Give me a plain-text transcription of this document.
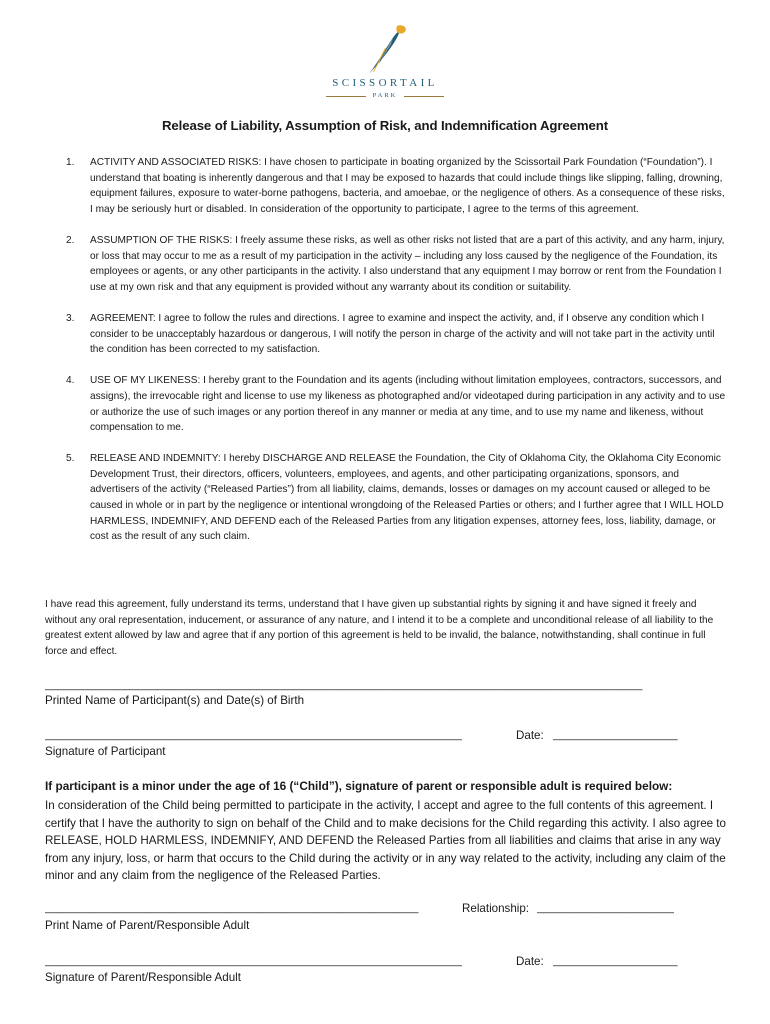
SCISSORTAIL
PARK
Release of Liability, Assumption of Risk, and Indemnification Agreement
1. ACTIVITY AND ASSOCIATED RISKS: I have chosen to participate in boating organized by the Scissortail Park Foundation (“Foundation”). I understand that boating is inherently dangerous and that I may be exposed to hazards that could include things like slipping, falling, drowning, equipment failures, exposure to water-borne pathogens, bacteria, and amoebae, or the negligence of others. As a consequence of these risks, I may be seriously hurt or disabled. In consideration of the opportunity to participate, I agree to the terms of this agreement.
2. ASSUMPTION OF THE RISKS: I freely assume these risks, as well as other risks not listed that are a part of this activity, and any harm, injury, or loss that may occur to me as a result of my participation in the activity – including any loss caused by the negligence of the Foundation, its employees or agents, or any other participants in the activity. I also understand that any equipment I may borrow or rent from the Foundation I use at my own risk and that any equipment is provided without any warranty about its condition or suitability.
3. AGREEMENT: I agree to follow the rules and directions. I agree to examine and inspect the activity, and, if I observe any condition which I consider to be unacceptably hazardous or dangerous, I will notify the person in charge of the activity and will not take part in the activity until the condition has been corrected to my satisfaction.
4. USE OF MY LIKENESS: I hereby grant to the Foundation and its agents (including without limitation employees, contractors, successors, and assigns), the irrevocable right and license to use my likeness as photographed and/or videotaped during participation in any activity and to use or authorize the use of such images or any portion thereof in any manner or media at any time, and to use my name and likeness, without compensation to me.
5. RELEASE AND INDEMNITY: I hereby DISCHARGE AND RELEASE the Foundation, the City of Oklahoma City, the Oklahoma City Economic Development Trust, their directors, officers, volunteers, employees, and agents, and other participating organizations, sponsors, and advertisers of the activity (“Released Parties”) from all liability, claims, demands, losses or damages on my account caused or alleged to be caused in whole or in part by the negligence or intentional wrongdoing of the Released Parties or others; and I further agree that I WILL HOLD HARMLESS, INDEMNIFY, AND DEFEND each of the Released Parties from any litigation expenses, attorney fees, loss, liability, damage, or cost as the result of any such claim.
I have read this agreement, fully understand its terms, understand that I have given up substantial rights by signing it and have signed it freely and without any oral representation, inducement, or assurance of any nature, and I intend it to be a complete and unconditional release of all liability to the greatest extent allowed by law and agree that if any portion of this agreement is held to be invalid, the balance, notwithstanding, shall continue in full force and effect.
________________________________________________________________________________________________
Printed Name of Participant(s) and Date(s) of Birth
___________________________________________________________________	Date: ____________________
Signature of Participant
If participant is a minor under the age of 16 (“Child”), signature of parent or responsible adult is required below:
In consideration of the Child being permitted to participate in the activity, I accept and agree to the full contents of this agreement. I certify that I have the authority to sign on behalf of the Child and to make decisions for the Child regarding this activity. I also agree to RELEASE, HOLD HARMLESS, INDEMNIFY, AND DEFEND the Released Parties from all liabilities and claims that arise in any way from any injury, loss, or harm that occurs to the Child during the activity or in any way related to the activity, including any claim of the minor and any claim from the negligence of the Released Parties.
____________________________________________________________	Relationship: ______________________
Print Name of Parent/Responsible Adult
___________________________________________________________________	Date: ____________________
Signature of Parent/Responsible Adult
